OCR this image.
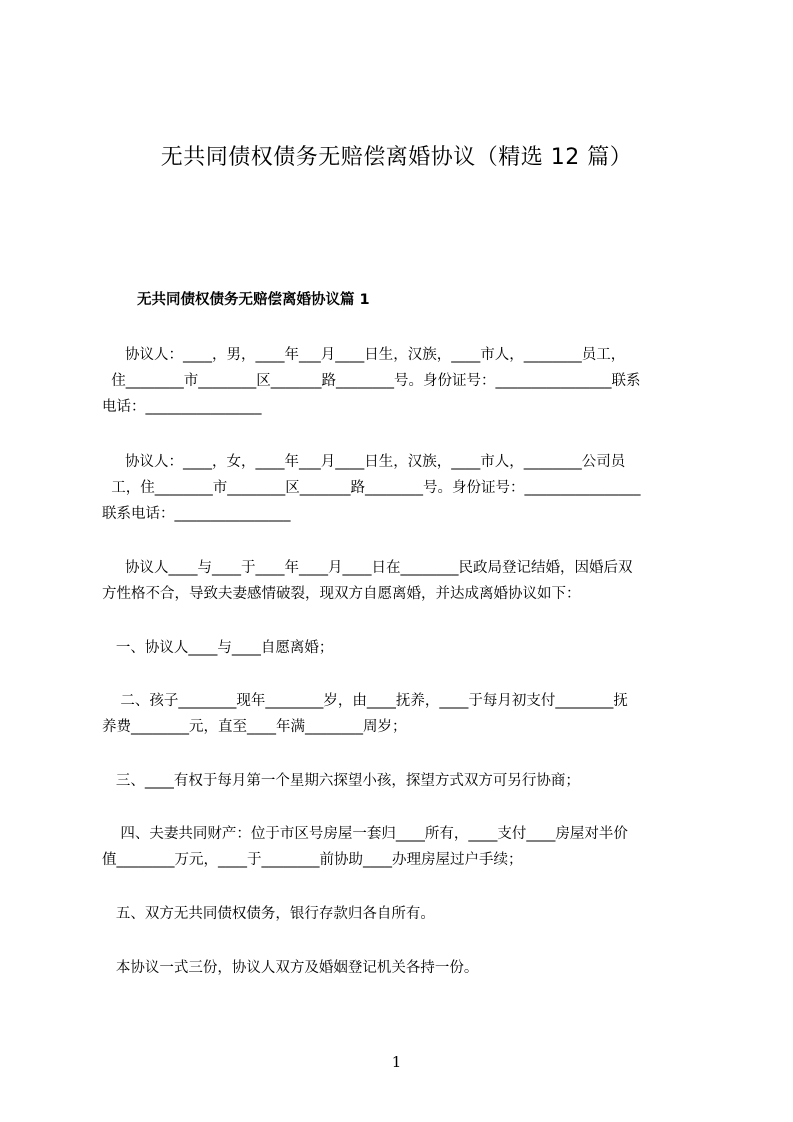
无共同债权债务无赔偿离婚协议（精选 12 篇）
无共同债权债务无赔偿离婚协议篇 1
协议人：____，男，____年___月____日生，汉族，____市人，________员工，
住________市________区_______路________号。身份证号：________________联系
电话：________________
协议人：____，女，____年___月____日生，汉族，____市人，________公司员
工，住________市________区_______路________号。身份证号：________________
联系电话：________________
协议人____与____于____年____月____日在________民政局登记结婚，因婚后双
方性格不合，导致夫妻感情破裂，现双方自愿离婚，并达成离婚协议如下：
一、协议人____与____自愿离婚；
二、孩子________现年________岁，由____抚养，____于每月初支付________抚
养费________元，直至____年满________周岁；
三、____有权于每月第一个星期六探望小孩，探望方式双方可另行协商；
四、夫妻共同财产：位于市区号房屋一套归____所有，____支付____房屋对半价
值________万元，____于________前协助____办理房屋过户手续；
五、双方无共同债权债务，银行存款归各自所有。
本协议一式三份，协议人双方及婚姻登记机关各持一份。
1
